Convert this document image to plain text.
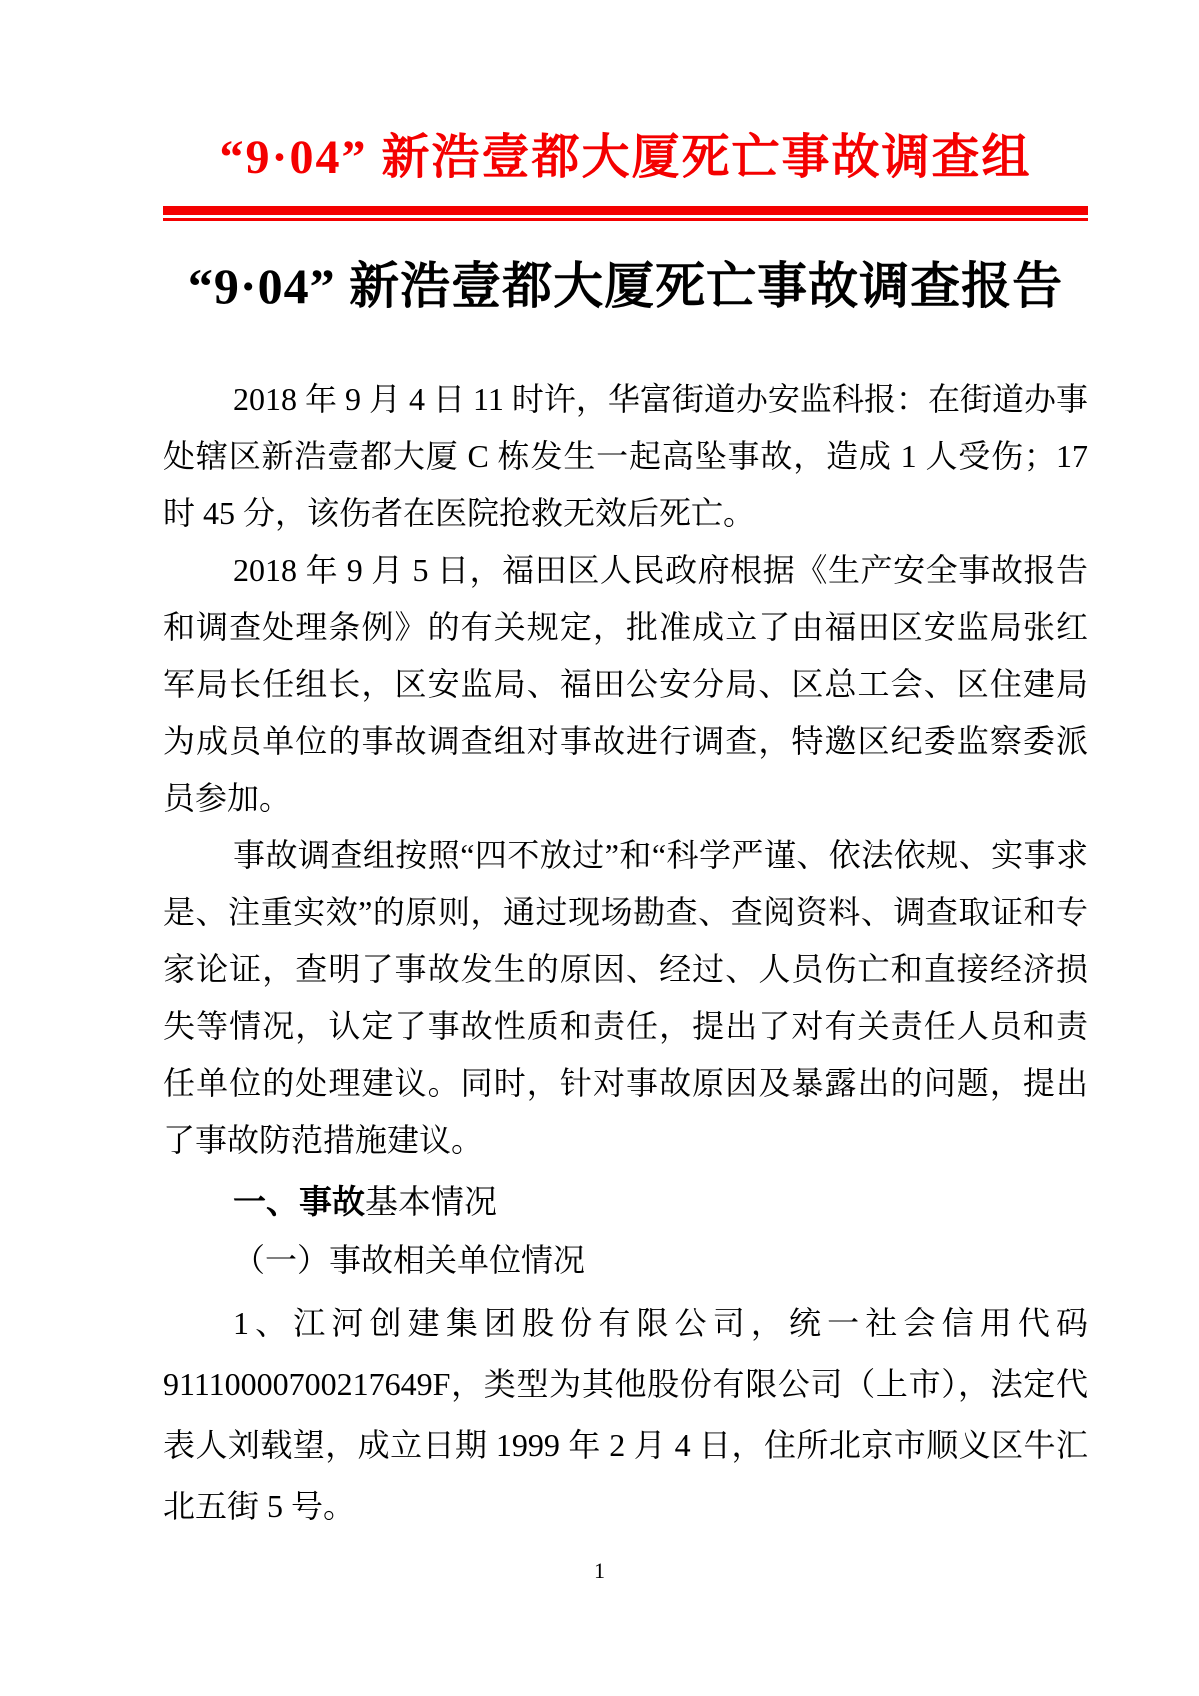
“9·04” 新浩壹都大厦死亡事故调查组
“9·04” 新浩壹都大厦死亡事故调查报告

2018 年 9 月 4 日 11 时许，华富街道办安监科报：在街道办事处辖区新浩壹都大厦 C 栋发生一起高坠事故，造成 1 人受伤；17 时 45 分，该伤者在医院抢救无效后死亡。

2018 年 9 月 5 日，福田区人民政府根据《生产安全事故报告和调查处理条例》的有关规定，批准成立了由福田区安监局张红军局长任组长，区安监局、福田公安分局、区总工会、区住建局为成员单位的事故调查组对事故进行调查，特邀区纪委监察委派员参加。

事故调查组按照“四不放过”和“科学严谨、依法依规、实事求是、注重实效”的原则，通过现场勘查、查阅资料、调查取证和专家论证，查明了事故发生的原因、经过、人员伤亡和直接经济损失等情况，认定了事故性质和责任，提出了对有关责任人员和责任单位的处理建议。同时，针对事故原因及暴露出的问题，提出了事故防范措施建议。

一、事故基本情况
（一）事故相关单位情况

1、江河创建集团股份有限公司，统一社会信用代码 91110000700217649F，类型为其他股份有限公司（上市），法定代表人刘载望，成立日期 1999 年 2 月 4 日，住所北京市顺义区牛汇北五街 5 号。

1
